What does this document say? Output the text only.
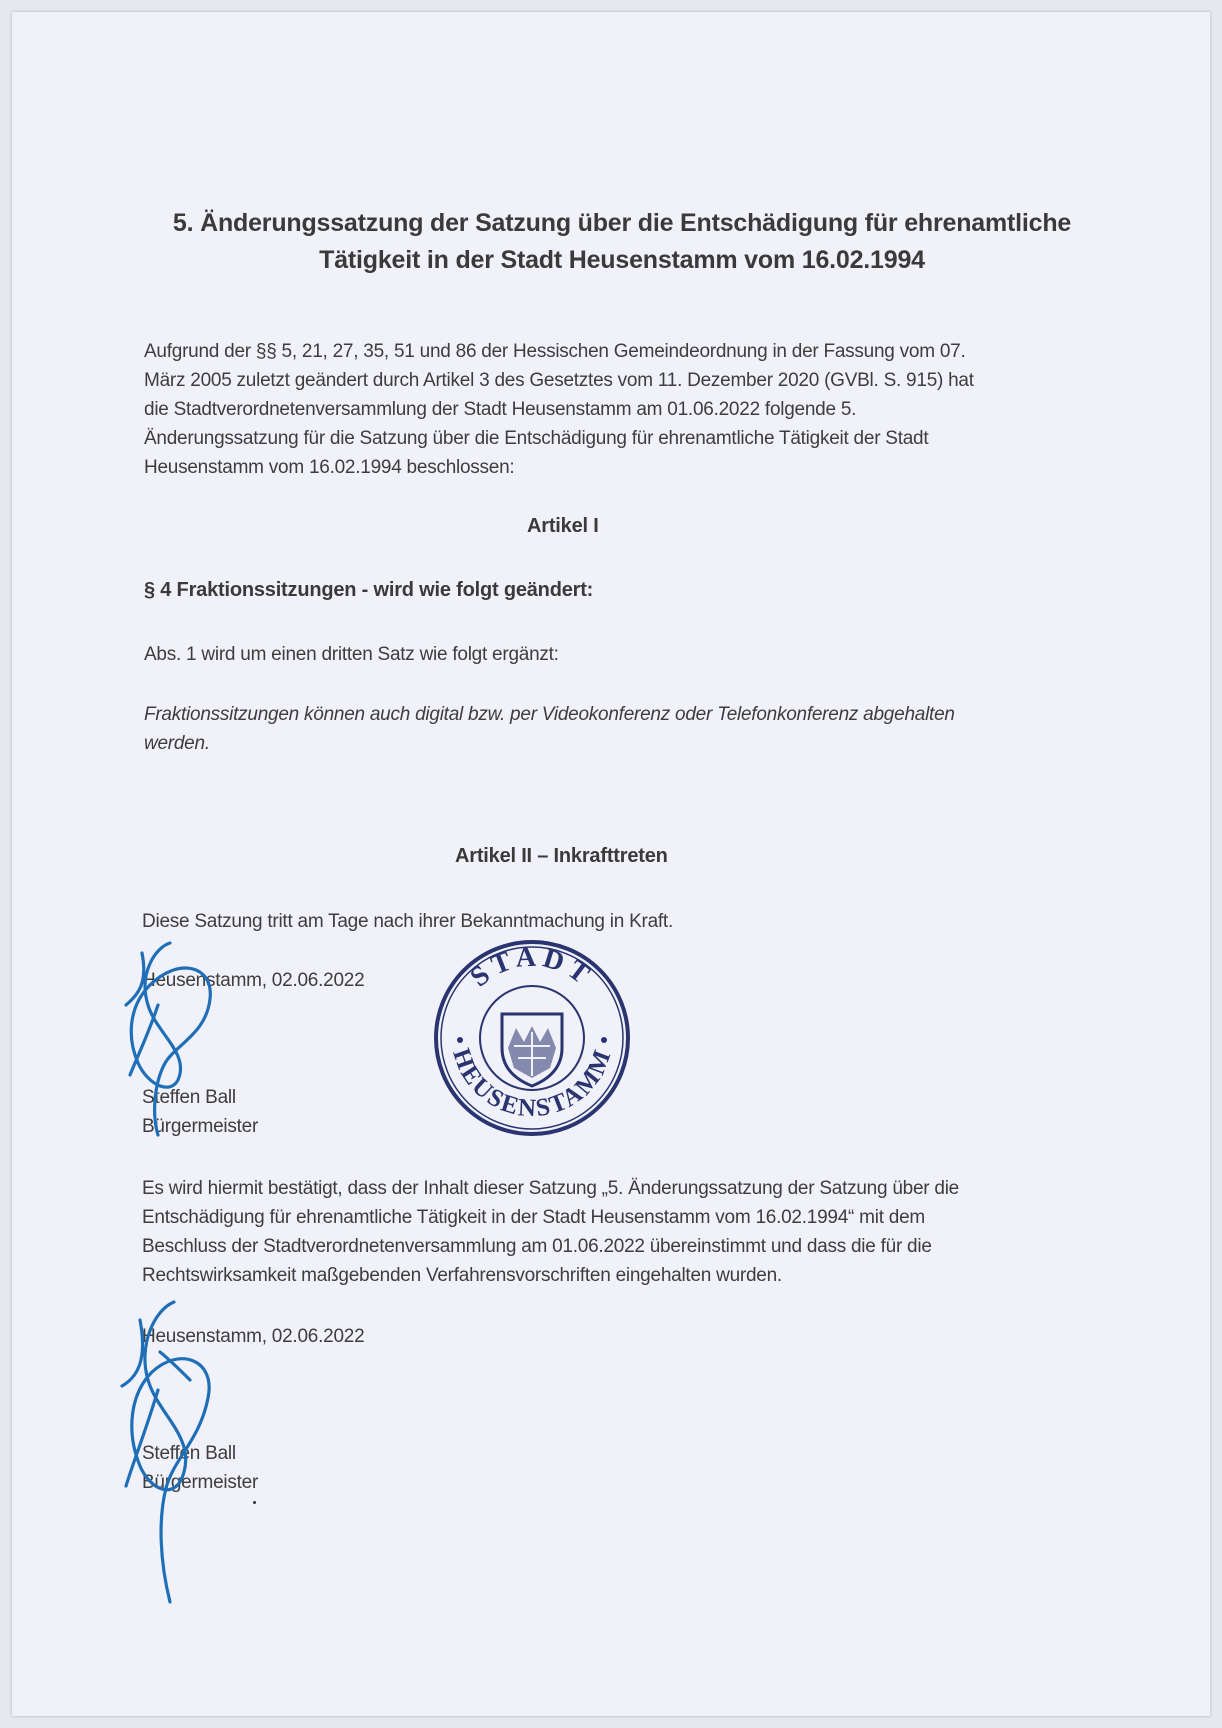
5. Änderungssatzung der Satzung über die Entschädigung für ehrenamtliche
Tätigkeit in der Stadt Heusenstamm vom 16.02.1994
Aufgrund der §§ 5, 21, 27, 35, 51 und 86 der Hessischen Gemeindeordnung in der Fassung vom 07.
März 2005 zuletzt geändert durch Artikel 3 des Gesetztes vom 11. Dezember 2020 (GVBl. S. 915) hat
die Stadtverordnetenversammlung der Stadt Heusenstamm am 01.06.2022 folgende 5.
Änderungssatzung für die Satzung über die Entschädigung für ehrenamtliche Tätigkeit der Stadt
Heusenstamm vom 16.02.1994 beschlossen:
Artikel I
§ 4 Fraktionssitzungen - wird wie folgt geändert:
Abs. 1 wird um einen dritten Satz wie folgt ergänzt:
Fraktionssitzungen können auch digital bzw. per Videokonferenz oder Telefonkonferenz abgehalten
werden.
Artikel II – Inkrafttreten
Diese Satzung tritt am Tage nach ihrer Bekanntmachung in Kraft.
Heusenstamm, 02.06.2022
Steffen Ball
Bürgermeister
Es wird hiermit bestätigt, dass der Inhalt dieser Satzung „5. Änderungssatzung der Satzung über die
Entschädigung für ehrenamtliche Tätigkeit in der Stadt Heusenstamm vom 16.02.1994“ mit dem
Beschluss der Stadtverordnetenversammlung am 01.06.2022 übereinstimmt und dass die für die
Rechtswirksamkeit maßgebenden Verfahrensvorschriften eingehalten wurden.
Heusenstamm, 02.06.2022
Steffen Ball
Bürgermeister
STADT
HEUSENSTAMM
